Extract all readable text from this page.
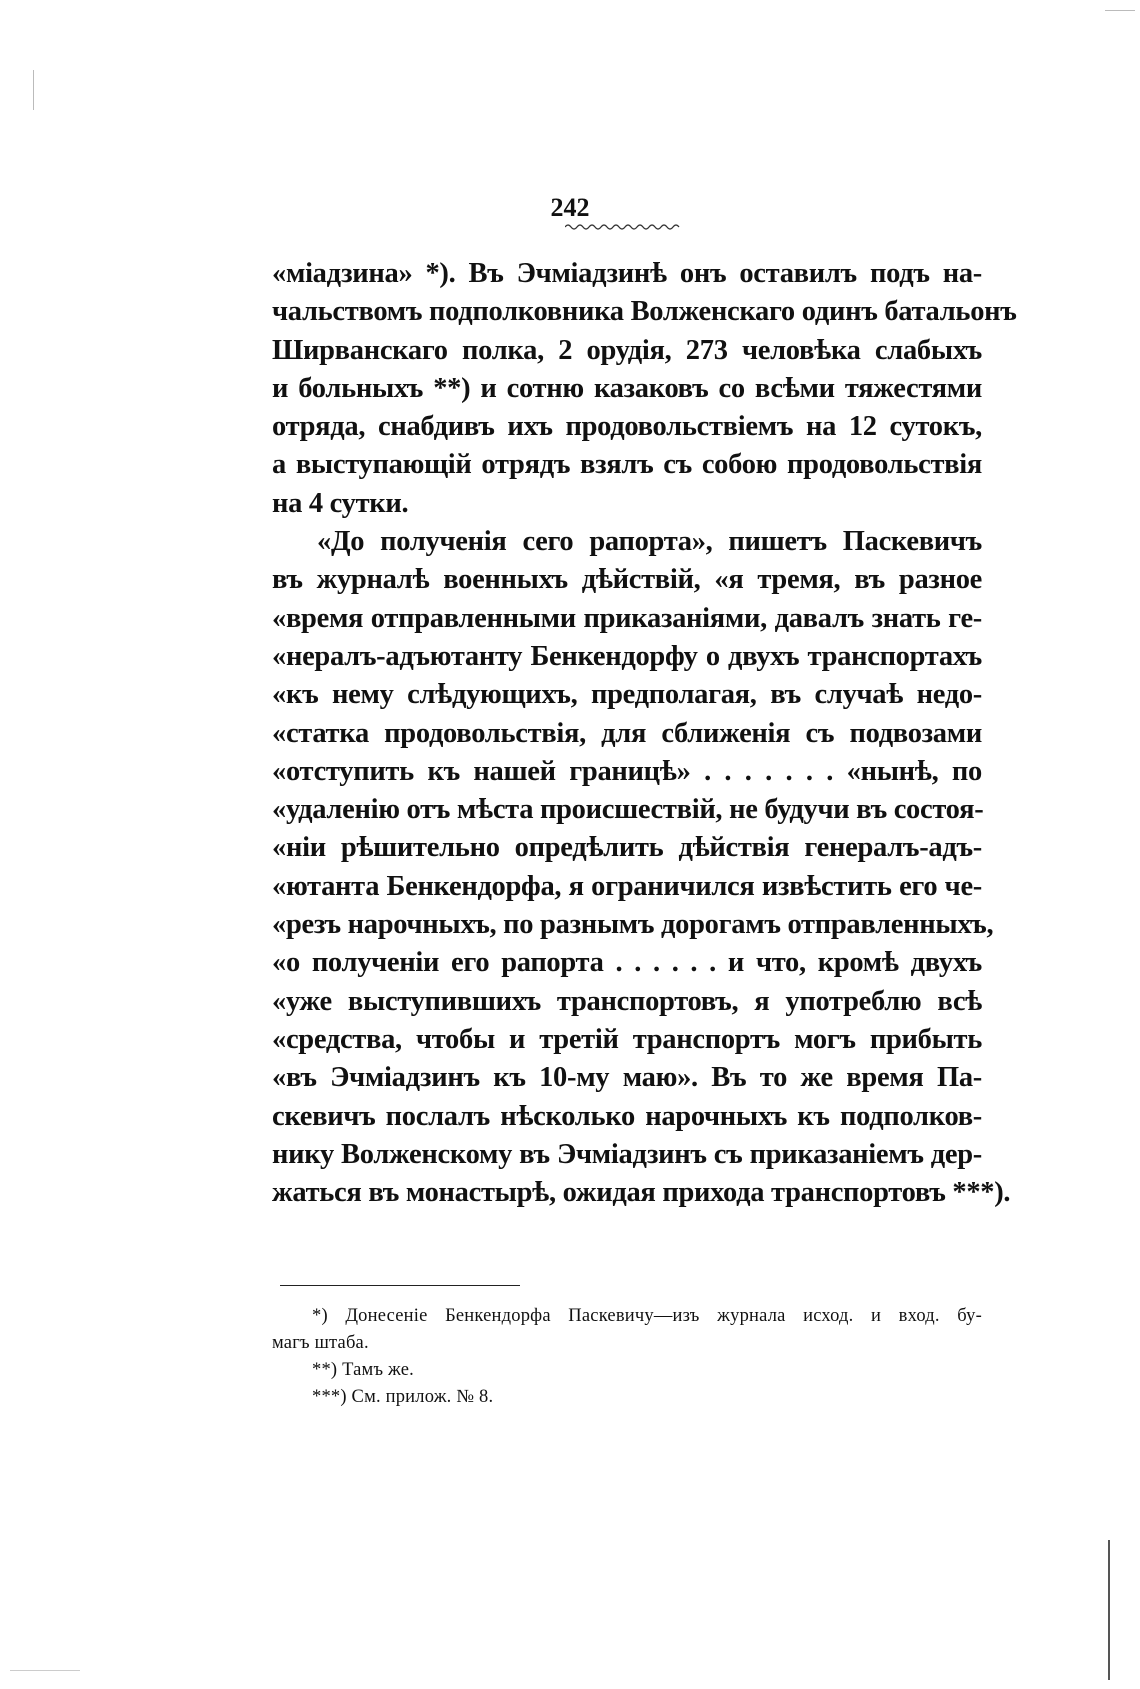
242
«міадзина» *). Въ Эчміадзинѣ онъ оставилъ подъ на-
чальствомъ подполковника Волженскаго одинъ батальонъ
Ширванскаго полка, 2 орудія, 273 человѣка слабыхъ
и больныхъ **) и сотню казаковъ со всѣми тяжестями
отряда, снабдивъ ихъ продовольствіемъ на 12 сутокъ,
а выступающій отрядъ взялъ съ собою продовольствія
на 4 сутки.
«До полученія сего рапорта», пишетъ Паскевичъ
въ журналѣ военныхъ дѣйствій, «я тремя, въ разное
«время отправленными приказаніями, давалъ знать ге-
«нералъ-адъютанту Бенкендорфу о двухъ транспортахъ
«къ нему слѣдующихъ, предполагая, въ случаѣ недо-
«статка продовольствія, для сближенія съ подвозами
«отступить къ нашей границѣ» . . . . . . . «нынѣ, по
«удаленію отъ мѣста происшествій, не будучи въ состоя-
«ніи рѣшительно опредѣлить дѣйствія генералъ-адъ-
«ютанта Бенкендорфа, я ограничился извѣстить его че-
«резъ нарочныхъ, по разнымъ дорогамъ отправленныхъ,
«о полученіи его рапорта . . . . . . и что, кромѣ двухъ
«уже выступившихъ транспортовъ, я употреблю всѣ
«средства, чтобы и третій транспортъ могъ прибыть
«въ Эчміадзинъ къ 10-му маю». Въ то же время Па-
скевичъ послалъ нѣсколько нарочныхъ къ подполков-
нику Волженскому въ Эчміадзинъ съ приказаніемъ дер-
жаться въ монастырѣ, ожидая прихода транспортовъ ***).
*) Донесеніе Бенкендорфа Паскевичу—изъ журнала исход. и вход. бу-
магъ штаба.
**) Тамъ же.
***) См. прилож. № 8.
